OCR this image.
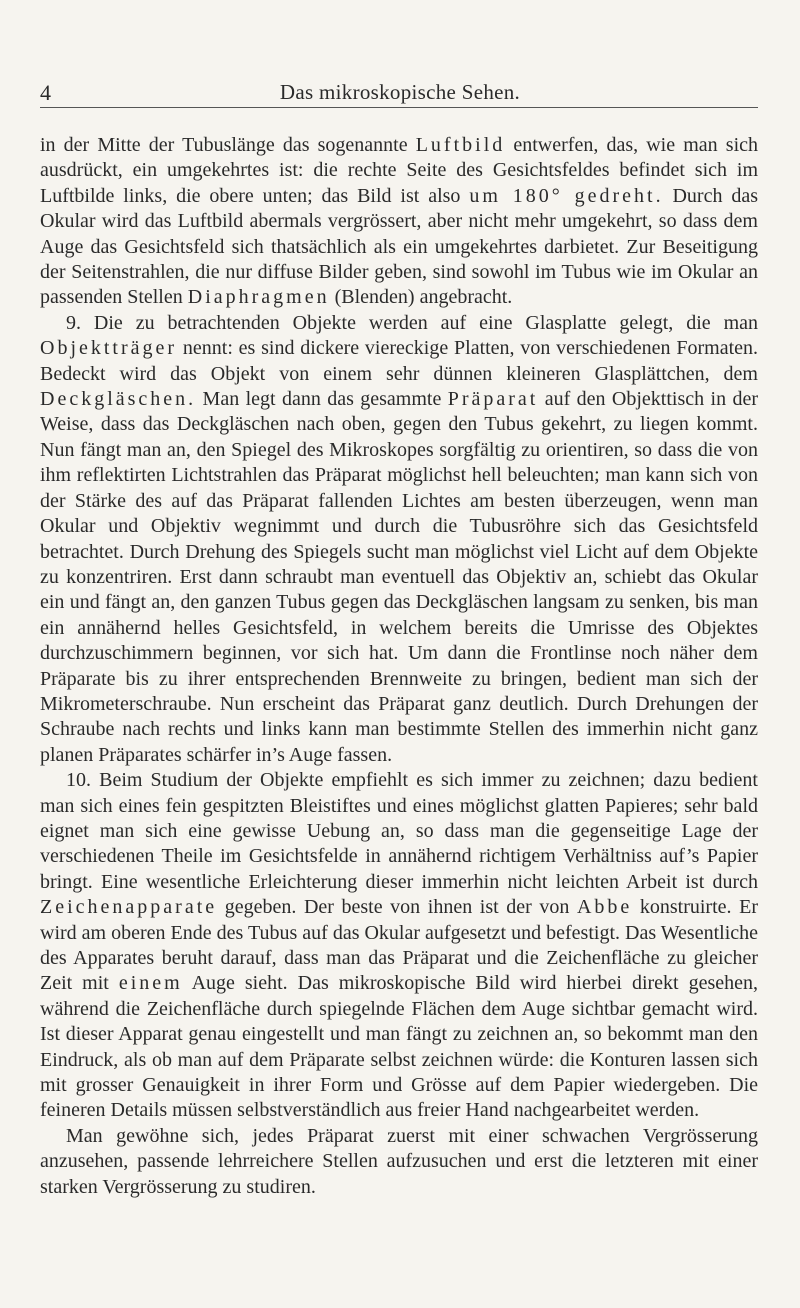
4	Das mikroskopische Sehen.

in der Mitte der Tubuslänge das sogenannte Luftbild entwerfen, das, wie man sich ausdrückt, ein umgekehrtes ist: die rechte Seite des Gesichtsfeldes befindet sich im Luftbilde links, die obere unten; das Bild ist also um 180° gedreht. Durch das Okular wird das Luftbild abermals vergrössert, aber nicht mehr umgekehrt, so dass dem Auge das Gesichtsfeld sich thatsächlich als ein umgekehrtes darbietet. Zur Beseitigung der Seitenstrahlen, die nur diffuse Bilder geben, sind sowohl im Tubus wie im Okular an passenden Stellen Diaphragmen (Blenden) angebracht.

9. Die zu betrachtenden Objekte werden auf eine Glasplatte gelegt, die man Objektträger nennt: es sind dickere viereckige Platten, von verschiedenen Formaten. Bedeckt wird das Objekt von einem sehr dünnen kleineren Glasplättchen, dem Deckgläschen. Man legt dann das gesammte Präparat auf den Objekttisch in der Weise, dass das Deckgläschen nach oben, gegen den Tubus gekehrt, zu liegen kommt. Nun fängt man an, den Spiegel des Mikroskopes sorgfältig zu orientiren, so dass die von ihm reflektirten Lichtstrahlen das Präparat möglichst hell beleuchten; man kann sich von der Stärke des auf das Präparat fallenden Lichtes am besten überzeugen, wenn man Okular und Objektiv wegnimmt und durch die Tubusröhre sich das Gesichtsfeld betrachtet. Durch Drehung des Spiegels sucht man möglichst viel Licht auf dem Objekte zu konzentriren. Erst dann schraubt man eventuell das Objektiv an, schiebt das Okular ein und fängt an, den ganzen Tubus gegen das Deckgläschen langsam zu senken, bis man ein annähernd helles Gesichtsfeld, in welchem bereits die Umrisse des Objektes durchzuschimmern beginnen, vor sich hat. Um dann die Frontlinse noch näher dem Präparate bis zu ihrer entsprechenden Brennweite zu bringen, bedient man sich der Mikrometerschraube. Nun erscheint das Präparat ganz deutlich. Durch Drehungen der Schraube nach rechts und links kann man bestimmte Stellen des immerhin nicht ganz planen Präparates schärfer in’s Auge fassen.

10. Beim Studium der Objekte empfiehlt es sich immer zu zeichnen; dazu bedient man sich eines fein gespitzten Bleistiftes und eines möglichst glatten Papieres; sehr bald eignet man sich eine gewisse Uebung an, so dass man die gegenseitige Lage der verschiedenen Theile im Gesichtsfelde in annähernd richtigem Verhältniss auf’s Papier bringt. Eine wesentliche Erleichterung dieser immerhin nicht leichten Arbeit ist durch Zeichenapparate gegeben. Der beste von ihnen ist der von Abbe konstruirte. Er wird am oberen Ende des Tubus auf das Okular aufgesetzt und befestigt. Das Wesentliche des Apparates beruht darauf, dass man das Präparat und die Zeichenfläche zu gleicher Zeit mit einem Auge sieht. Das mikroskopische Bild wird hierbei direkt gesehen, während die Zeichenfläche durch spiegelnde Flächen dem Auge sichtbar gemacht wird. Ist dieser Apparat genau eingestellt und man fängt zu zeichnen an, so bekommt man den Eindruck, als ob man auf dem Präparate selbst zeichnen würde: die Konturen lassen sich mit grosser Genauigkeit in ihrer Form und Grösse auf dem Papier wiedergeben. Die feineren Details müssen selbstverständlich aus freier Hand nachgearbeitet werden.

Man gewöhne sich, jedes Präparat zuerst mit einer schwachen Vergrösserung anzusehen, passende lehrreichere Stellen aufzusuchen und erst die letzteren mit einer starken Vergrösserung zu studiren.
